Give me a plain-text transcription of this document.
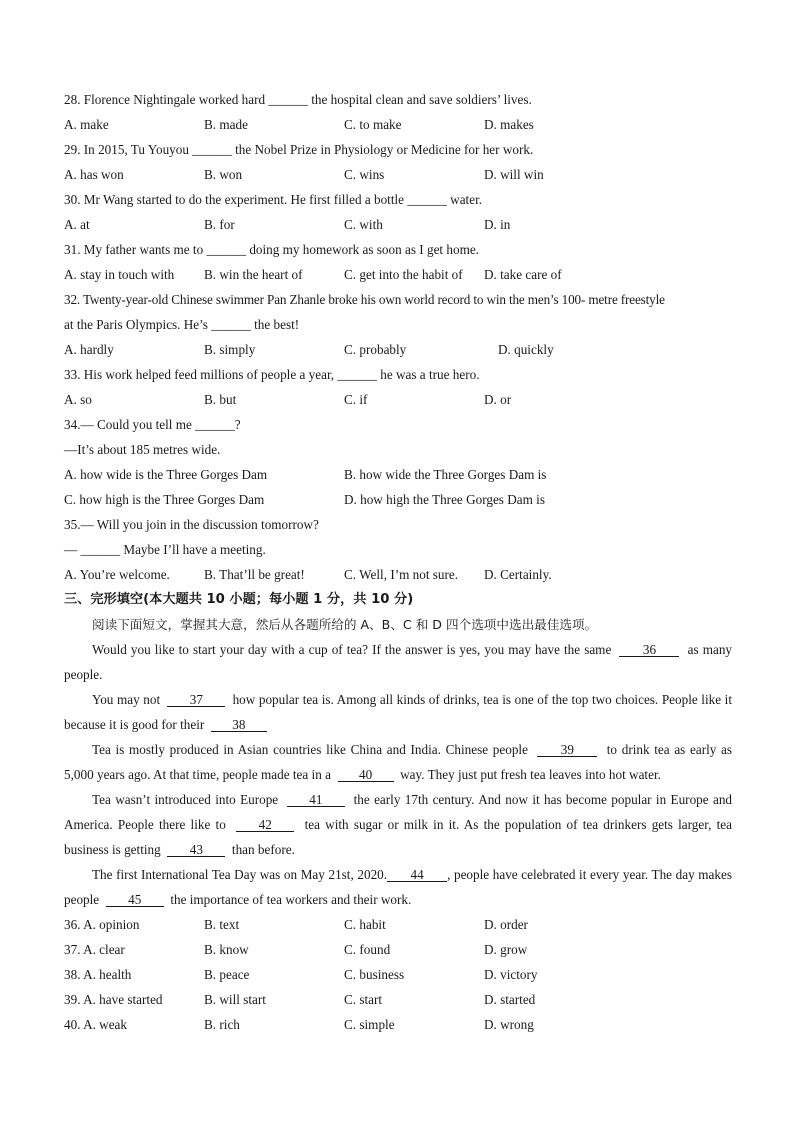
28. Florence Nightingale worked hard ______ the hospital clean and save soldiers’ lives.
A. make	B. made	C. to make	D. makes
29. In 2015, Tu Youyou ______ the Nobel Prize in Physiology or Medicine for her work.
A. has won	B. won	C. wins	D. will win
30. Mr Wang started to do the experiment. He first filled a bottle ______ water.
A. at	B. for	C. with	D. in
31. My father wants me to ______ doing my homework as soon as I get home.
A. stay in touch with B. win the heart of	C. get into the habit of D. take care of
32. Twenty-year-old Chinese swimmer Pan Zhanle broke his own world record to win the men’s 100- metre freestyle
at the Paris Olympics. He’s ______ the best!
A. hardly	B. simply	C. probably	D. quickly
33. His work helped feed millions of people a year, ______ he was a true hero.
A. so	B. but	C. if	D. or
34.— Could you tell me ______?
—It’s about 185 metres wide.
A. how wide is the Three Gorges Dam	B. how wide the Three Gorges Dam is
C. how high is the Three Gorges Dam	D. how high the Three Gorges Dam is
35.— Will you join in the discussion tomorrow?
— ______ Maybe I’ll have a meeting.
A. You’re welcome.	B. That’ll be great!	C. Well, I’m not sure. D. Certainly.
三、完形填空(本大题共 10 小题；每小题 1 分，共 10 分)
阅读下面短文，掌握其大意，然后从各题所给的 A、B、C 和 D 四个选项中选出最佳选项。
Would you like to start your day with a cup of tea? If the answer is yes, you may have the same 36 as many people.
You may not 37 how popular tea is. Among all kinds of drinks, tea is one of the top two choices. People like it because it is good for their 38
Tea is mostly produced in Asian countries like China and India. Chinese people 39 to drink tea as early as 5,000 years ago. At that time, people made tea in a 40 way. They just put fresh tea leaves into hot water.
Tea wasn’t introduced into Europe 41 the early 17th century. And now it has become popular in Europe and America. People there like to 42 tea with sugar or milk in it. As the population of tea drinkers gets larger, tea business is getting 43 than before.
The first International Tea Day was on May 21st, 2020. 44 , people have celebrated it every year. The day makes people 45 the importance of tea workers and their work.
36. A. opinion	B. text	C. habit	D. order
37. A. clear	B. know	C. found	D. grow
38. A. health	B. peace	C. business	D. victory
39. A. have started	B. will start	C. start	D. started
40. A. weak	B. rich	C. simple	D. wrong
